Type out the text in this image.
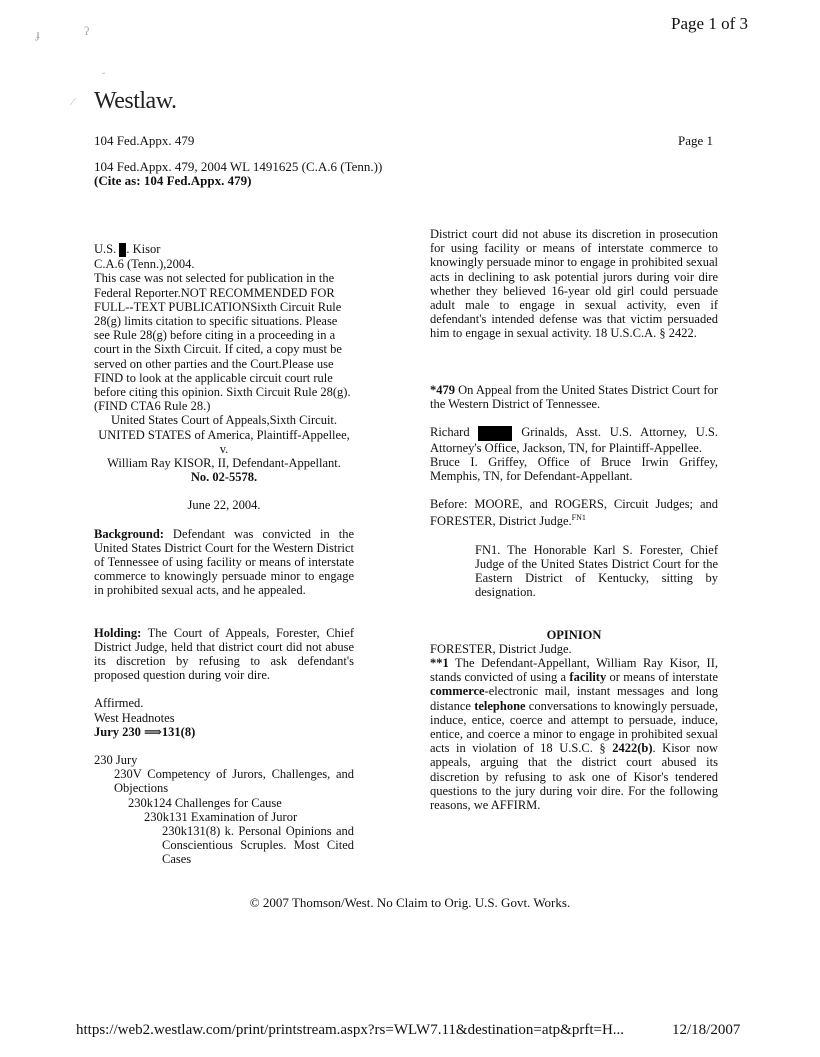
ɟ	ʔ
ˇ
⁄
Page 1 of 3
Westlaw.
104 Fed.Appx. 479	Page 1
104 Fed.Appx. 479, 2004 WL 1491625 (C.A.6 (Tenn.))
(Cite as: 104 Fed.Appx. 479)

U.S. . Kisor

C.A.6 (Tenn.),2004.

This case was not selected for publication in the Federal Reporter.NOT RECOMMENDED FOR FULL--TEXT PUBLICATIONSixth Circuit Rule 28(g) limits citation to specific situations. Please see Rule 28(g) before citing in a proceeding in a court in the Sixth Circuit. If cited, a copy must be served on other parties and the Court.Please use FIND to look at the applicable circuit court rule before citing this opinion. Sixth Circuit Rule 28(g). (FIND CTA6 Rule 28.)

United States Court of Appeals,Sixth Circuit.

UNITED STATES of America, Plaintiff-Appellee,

v.

William Ray KISOR, II, Defendant-Appellant.

No. 02-5578.

June 22, 2004.

Background: Defendant was convicted in the United States District Court for the Western District of Tennessee of using facility or means of interstate commerce to knowingly persuade minor to engage in prohibited sexual acts, and he appealed.

Holding: The Court of Appeals, Forester, Chief District Judge, held that district court did not abuse its discretion by refusing to ask defendant's proposed question during voir dire.

Affirmed.

West Headnotes

Jury 230 ⟹131(8)

230 Jury

230V Competency of Jurors, Challenges, and Objections

230k124 Challenges for Cause

230k131 Examination of Juror

230k131(8) k. Personal Opinions and Conscientious Scruples. Most Cited Cases

District court did not abuse its discretion in prosecution for using facility or means of interstate commerce to knowingly persuade minor to engage in prohibited sexual acts in declining to ask potential jurors during voir dire whether they believed 16-year old girl could persuade adult male to engage in sexual activity, even if defendant's intended defense was that victim persuaded him to engage in sexual activity. 18 U.S.C.A. § 2422.

*479 On Appeal from the United States District Court for the Western District of Tennessee.

Richard	Grinalds, Asst. U.S. Attorney, U.S. Attorney's Office, Jackson, TN, for Plaintiff-Appellee.

Bruce I. Griffey, Office of Bruce Irwin Griffey, Memphis, TN, for Defendant-Appellant.

Before: MOORE, and ROGERS, Circuit Judges; and FORESTER, District Judge.$^{FN1}$

FN1. The Honorable Karl S. Forester, Chief Judge of the United States District Court for the Eastern District of Kentucky, sitting by designation.

OPINION

FORESTER, District Judge.

**1 The Defendant-Appellant, William Ray Kisor, II, stands convicted of using a facility or means of interstate commerce-electronic mail, instant messages and long distance telephone conversations to knowingly persuade, induce, entice, coerce and attempt to persuade, induce, entice, and coerce a minor to engage in prohibited sexual acts in violation of 18 U.S.C. § 2422(b). Kisor now appeals, arguing that the district court abused its discretion by refusing to ask one of Kisor's tendered questions to the jury during voir dire. For the following reasons, we AFFIRM.

© 2007 Thomson/West. No Claim to Orig. U.S. Govt. Works.
https://web2.westlaw.com/print/printstream.aspx?rs=WLW7.11&destination=atp&prft=H...	12/18/2007
